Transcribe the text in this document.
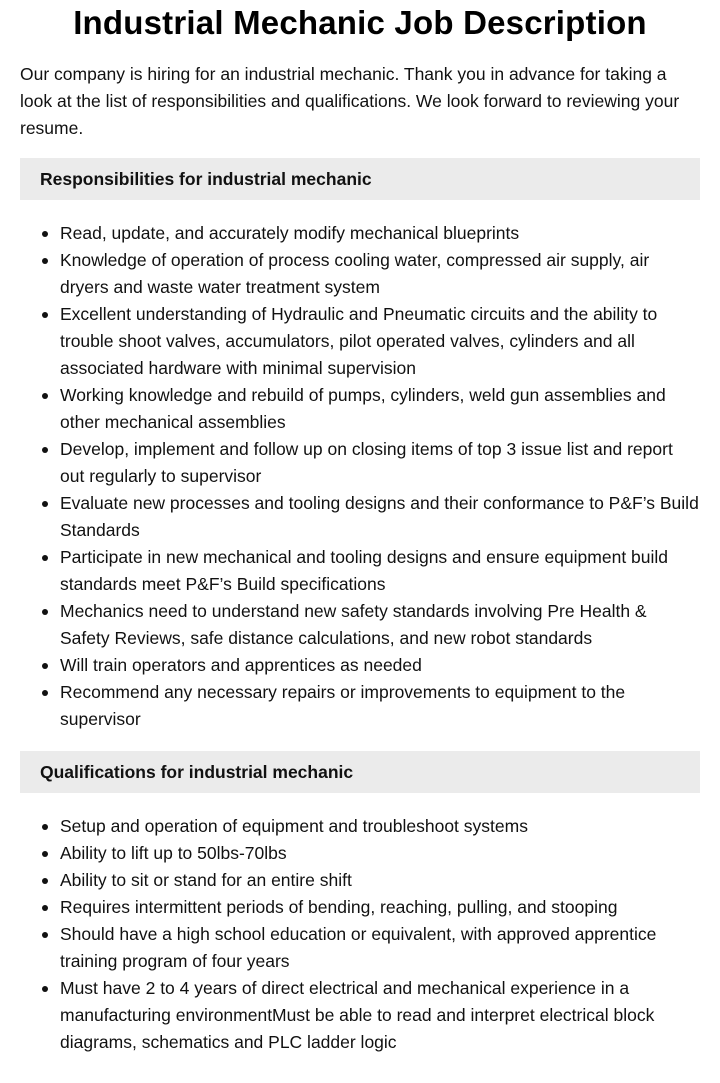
Industrial Mechanic Job Description

Our company is hiring for an industrial mechanic. Thank you in advance for taking a look at the list of responsibilities and qualifications. We look forward to reviewing your resume.

Responsibilities for industrial mechanic
Read, update, and accurately modify mechanical blueprints
Knowledge of operation of process cooling water, compressed air supply, air dryers and waste water treatment system
Excellent understanding of Hydraulic and Pneumatic circuits and the ability to trouble shoot valves, accumulators, pilot operated valves, cylinders and all associated hardware with minimal supervision
Working knowledge and rebuild of pumps, cylinders, weld gun assemblies and other mechanical assemblies
Develop, implement and follow up on closing items of top 3 issue list and report out regularly to supervisor
Evaluate new processes and tooling designs and their conformance to P&F’s Build Standards
Participate in new mechanical and tooling designs and ensure equipment build standards meet P&F’s Build specifications
Mechanics need to understand new safety standards involving Pre Health & Safety Reviews, safe distance calculations, and new robot standards
Will train operators and apprentices as needed
Recommend any necessary repairs or improvements to equipment to the supervisor
Qualifications for industrial mechanic
Setup and operation of equipment and troubleshoot systems
Ability to lift up to 50lbs-70lbs
Ability to sit or stand for an entire shift
Requires intermittent periods of bending, reaching, pulling, and stooping
Should have a high school education or equivalent, with approved apprentice training program of four years
Must have 2 to 4 years of direct electrical and mechanical experience in a manufacturing environmentMust be able to read and interpret electrical block diagrams, schematics and PLC ladder logic
